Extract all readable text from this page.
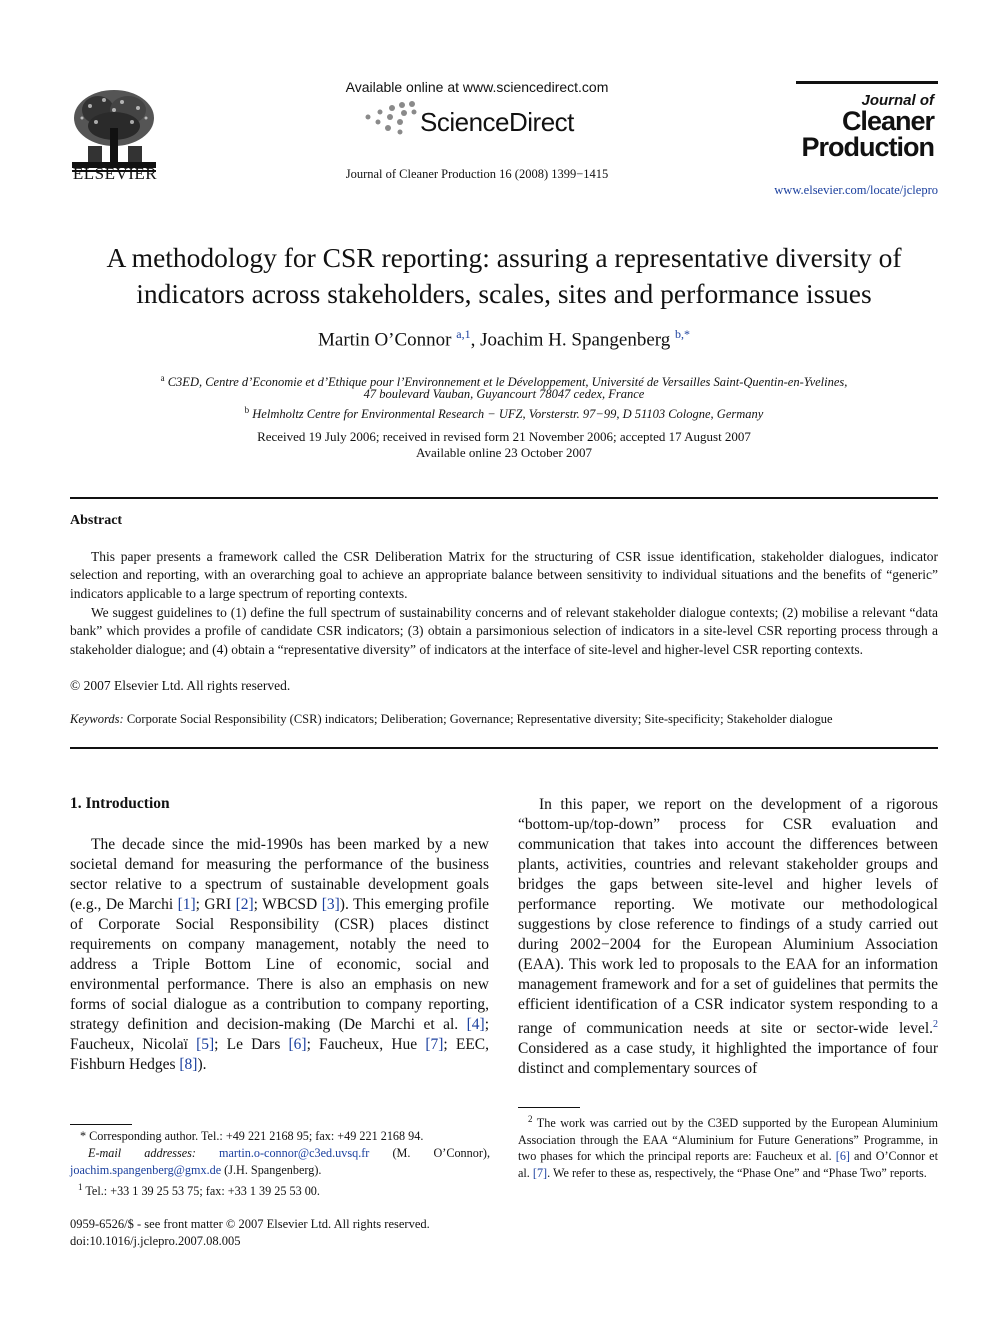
ELSEVIER
Available online at www.sciencedirect.com
ScienceDirect
Journal of Cleaner Production 16 (2008) 1399−1415
Journal of
Cleaner
Production
www.elsevier.com/locate/jclepro
A methodology for CSR reporting: assuring a representative diversity of indicators across stakeholders, scales, sites and performance issues
Martin O’Connor $^{a,1}$, Joachim H. Spangenberg $^{b,*}$
$^a$ C3ED, Centre d’Economie et d’Ethique pour l’Environnement et le Développement, Université de Versailles Saint-Quentin-en-Yvelines,
47 boulevard Vauban, Guyancourt 78047 cedex, France
$^b$ Helmholtz Centre for Environmental Research − UFZ, Vorsterstr. 97−99, D 51103 Cologne, Germany
Received 19 July 2006; received in revised form 21 November 2006; accepted 17 August 2007
Available online 23 October 2007
Abstract
This paper presents a framework called the CSR Deliberation Matrix for the structuring of CSR issue identification, stakeholder dialogues, indicator selection and reporting, with an overarching goal to achieve an appropriate balance between sensitivity to individual situations and the benefits of “generic” indicators applicable to a large spectrum of reporting contexts.
We suggest guidelines to (1) define the full spectrum of sustainability concerns and of relevant stakeholder dialogue contexts; (2) mobilise a relevant “data bank” which provides a profile of candidate CSR indicators; (3) obtain a parsimonious selection of indicators in a site-level CSR reporting process through a stakeholder dialogue; and (4) obtain a “representative diversity” of indicators at the interface of site-level and higher-level CSR reporting contexts.
© 2007 Elsevier Ltd. All rights reserved.
Keywords: Corporate Social Responsibility (CSR) indicators; Deliberation; Governance; Representative diversity; Site-specificity; Stakeholder dialogue
1. Introduction
The decade since the mid-1990s has been marked by a new societal demand for measuring the performance of the business sector relative to a spectrum of sustainable development goals (e.g., De Marchi [1]; GRI [2]; WBCSD [3]). This emerging profile of Corporate Social Responsibility (CSR) places distinct requirements on company management, notably the need to address a Triple Bottom Line of economic, social and environmental performance. There is also an emphasis on new forms of social dialogue as a contribution to company reporting, strategy definition and decision-making (De Marchi et al. [4]; Faucheux, Nicolaï [5]; Le Dars [6]; Faucheux, Hue [7]; EEC, Fishburn Hedges [8]).
In this paper, we report on the development of a rigorous “bottom-up/top-down” process for CSR evaluation and communication that takes into account the differences between plants, activities, countries and relevant stakeholder groups and bridges the gaps between site-level and higher levels of performance reporting. We motivate our methodological suggestions by close reference to findings of a study carried out during 2002−2004 for the European Aluminium Association (EAA). This work led to proposals to the EAA for an information management framework and for a set of guidelines that permits the efficient identification of a CSR indicator system responding to a range of communication needs at site or sector-wide level.$^2$ Considered as a case study, it highlighted the importance of four distinct and complementary sources of
* Corresponding author. Tel.: +49 221 2168 95; fax: +49 221 2168 94.
E-mail addresses: martin.o-connor@c3ed.uvsq.fr (M. O’Connor), joachim.spangenberg@gmx.de (J.H. Spangenberg).
$^1$ Tel.: +33 1 39 25 53 75; fax: +33 1 39 25 53 00.
$^2$ The work was carried out by the C3ED supported by the European Aluminium Association through the EAA “Aluminium for Future Generations” Programme, in two phases for which the principal reports are: Faucheux et al. [6] and O’Connor et al. [7]. We refer to these as, respectively, the “Phase One” and “Phase Two” reports.
0959-6526/$ - see front matter © 2007 Elsevier Ltd. All rights reserved.
doi:10.1016/j.jclepro.2007.08.005
